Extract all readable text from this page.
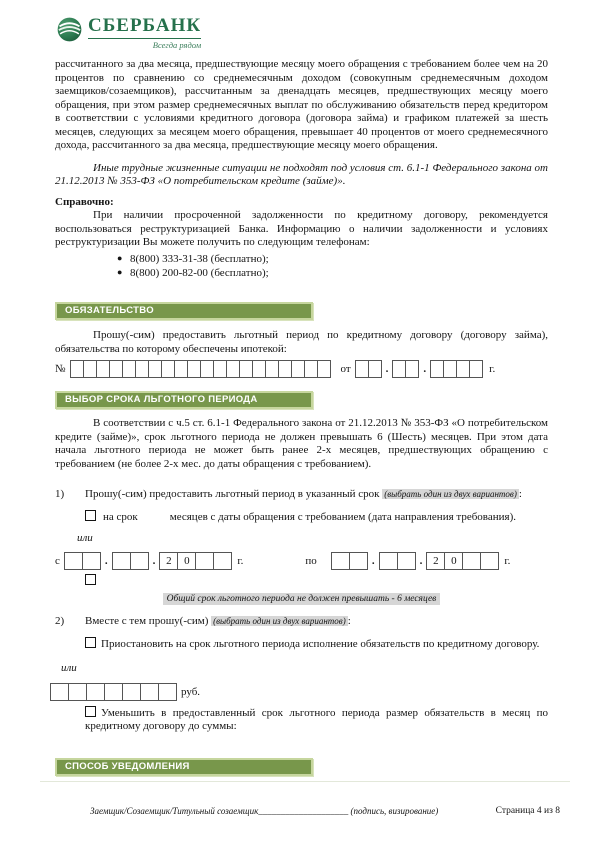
СБЕРБАНК
Всегда рядом

рассчитанного за два месяца, предшествующие месяцу моего обращения с требованием более чем на 20 процентов по сравнению со среднемесячным доходом (совокупным среднемесячным доходом заемщиков/созаемщиков), рассчитанным за двенадцать месяцев, предшествующих месяцу моего обращения, при этом размер среднемесячных выплат по обслуживанию обязательств перед кредитором в соответствии с условиями кредитного договора (договора займа) и графиком платежей за шесть месяцев, следующих за месяцем моего обращения, превышает 40 процентов от моего среднемесячного дохода, рассчитанного за два месяца, предшествующие месяцу моего обращения.

Иные трудные жизненные ситуации не подходят под условия ст. 6.1-1 Федерального закона от 21.12.2013 № 353-ФЗ «О потребительском кредите (займе)».

Справочно:

При наличии просроченной задолженности по кредитному договору, рекомендуется воспользоваться реструктуризацией Банка. Информацию о наличии задолженности и условиях реструктуризации Вы можете получить по следующим телефонам:

● 8(800) 333-31-38 (бесплатно);
● 8(800) 200-82-00 (бесплатно);
ОБЯЗАТЕЛЬСТВО

Прошу(-сим) предоставить льготный период по кредитному договору (договору займа), обязательства по которому обеспечены ипотекой:

№	от	.	.	г.
ВЫБОР СРОКА ЛЬГОТНОГО ПЕРИОДА

В соответствии с ч.5 ст. 6.1-1 Федерального закона от 21.12.2013 № 353-ФЗ «О потребительском кредите (займе)», срок льготного периода не должен превышать 6 (Шесть) месяцев. При этом дата начала льготного периода не может быть ранее 2-х месяцев, предшествующих обращению с требованием (не более 2-х мес. до даты обращения с требованием).

1)	Прошу(-сим) предоставить льготный период в указанный срок (выбрать один из двух вариантов) :
на срок	месяцев с даты обращения с требованием (дата направления требования).
или
с	.	. 2	0	г.	по	.	. 2	0	г.
Общий срок льготного периода не должен превышать - 6 месяцев
2)	Вместе с тем прошу(-сим) (выбрать один из двух вариантов) :
Приостановить на срок льготного периода исполнение обязательств по кредитному договору.
или
руб.
Уменьшить в предоставленный срок льготного периода размер обязательств в месяц по кредитному договору до суммы:
СПОСОБ УВЕДОМЛЕНИЯ
Заемщик/Созаемщик/Титульный созаемщик____________________ (подпись, визирование)	Страница 4 из 8
